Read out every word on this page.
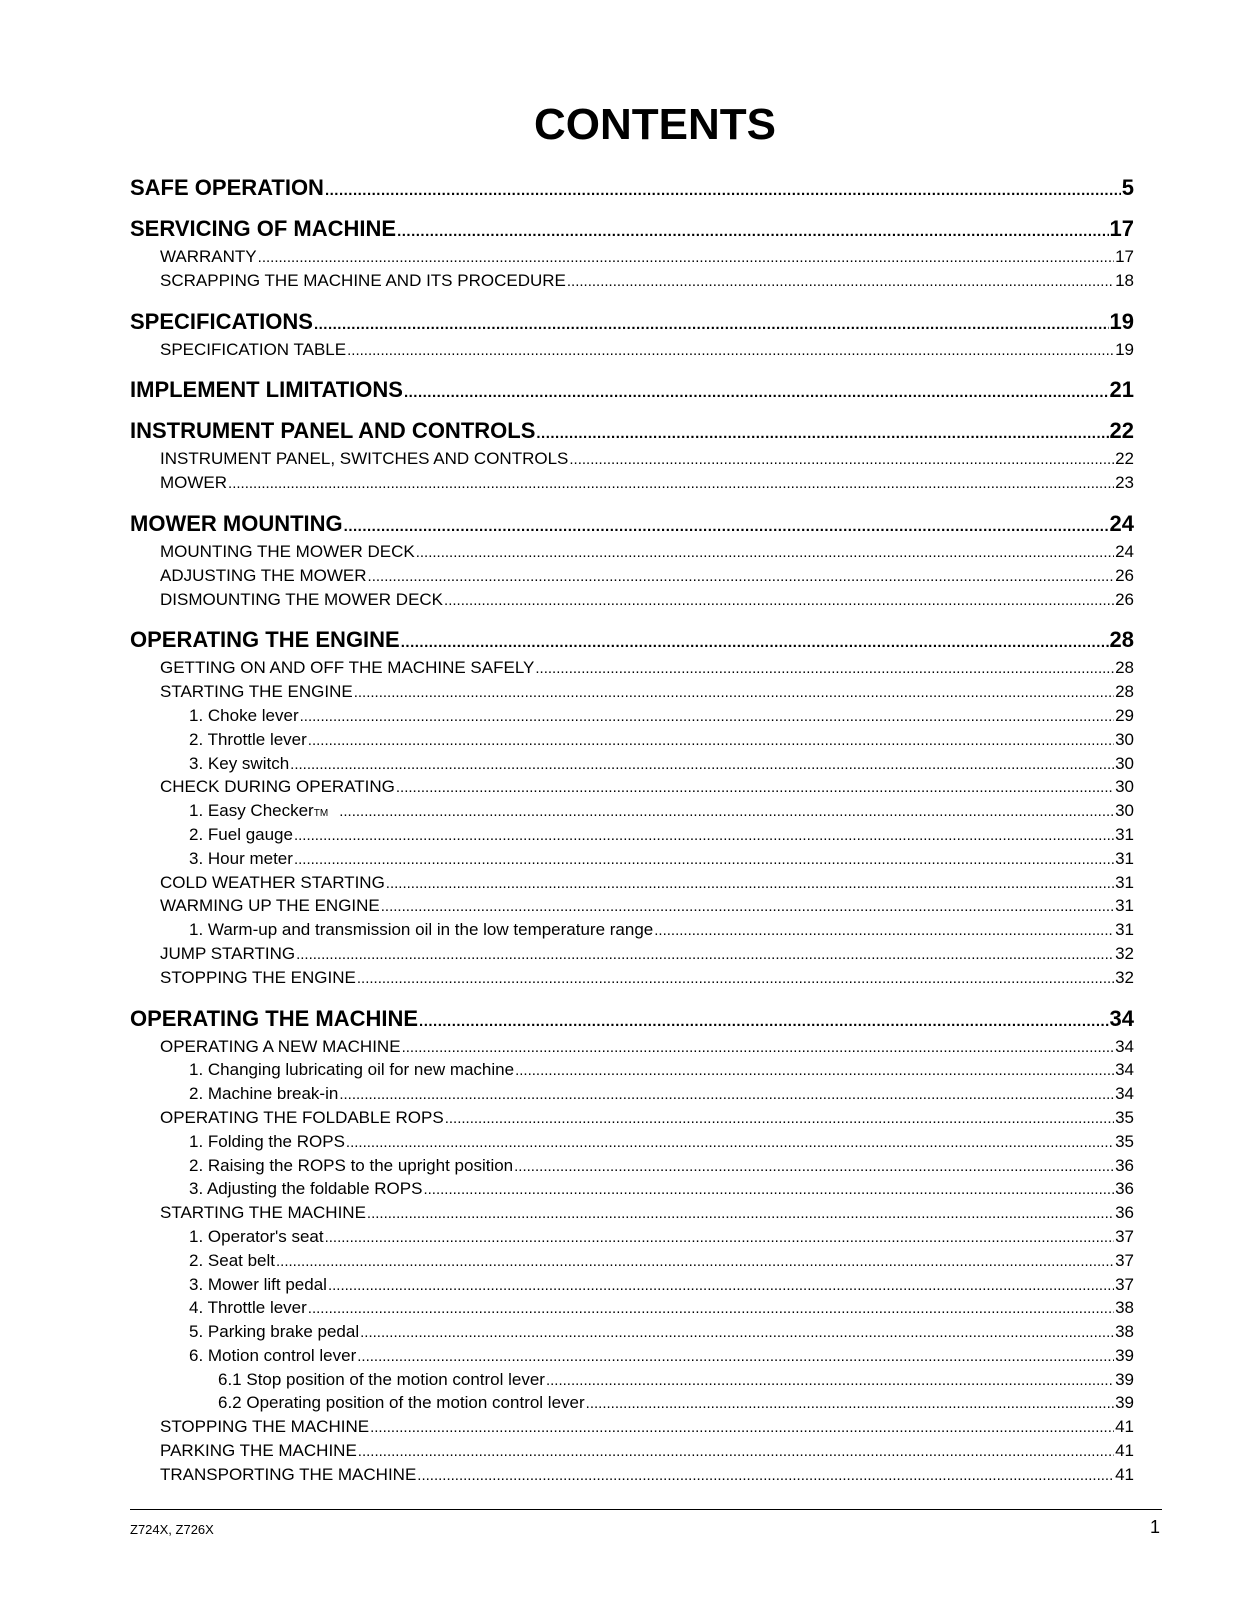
CONTENTS
SAFE OPERATION .....	5
SERVICING OF MACHINE .....	17
WARRANTY .....	17
SCRAPPING THE MACHINE AND ITS PROCEDURE .....	18
SPECIFICATIONS .....	19
SPECIFICATION TABLE .....	19
IMPLEMENT LIMITATIONS .....	21
INSTRUMENT PANEL AND CONTROLS .....	22
INSTRUMENT PANEL, SWITCHES AND CONTROLS .....	22
MOWER .....	23
MOWER MOUNTING .....	24
MOUNTING THE MOWER DECK .....	24
ADJUSTING THE MOWER .....	26
DISMOUNTING THE MOWER DECK .....	26
OPERATING THE ENGINE .....	28
GETTING ON AND OFF THE MACHINE SAFELY .....	28
STARTING THE ENGINE .....	28
1. Choke lever .....	29
2. Throttle lever .....	30
3. Key switch .....	30
CHECK DURING OPERATING .....	30
1. Easy Checker TM .....	30
2. Fuel gauge .....	31
3. Hour meter .....	31
COLD WEATHER STARTING .....	31
WARMING UP THE ENGINE .....	31
1. Warm-up and transmission oil in the low temperature range .....	31
JUMP STARTING .....	32
STOPPING THE ENGINE .....	32
OPERATING THE MACHINE .....	34
OPERATING A NEW MACHINE .....	34
1. Changing lubricating oil for new machine .....	34
2. Machine break-in .....	34
OPERATING THE FOLDABLE ROPS .....	35
1. Folding the ROPS .....	35
2. Raising the ROPS to the upright position .....	36
3. Adjusting the foldable ROPS .....	36
STARTING THE MACHINE .....	36
1. Operator's seat .....	37
2. Seat belt .....	37
3. Mower lift pedal .....	37
4. Throttle lever .....	38
5. Parking brake pedal .....	38
6. Motion control lever .....	39
6.1 Stop position of the motion control lever .....	39
6.2 Operating position of the motion control lever .....	39
STOPPING THE MACHINE .....	41
PARKING THE MACHINE .....	41
TRANSPORTING THE MACHINE .....	41
Z724X, Z726X	1
